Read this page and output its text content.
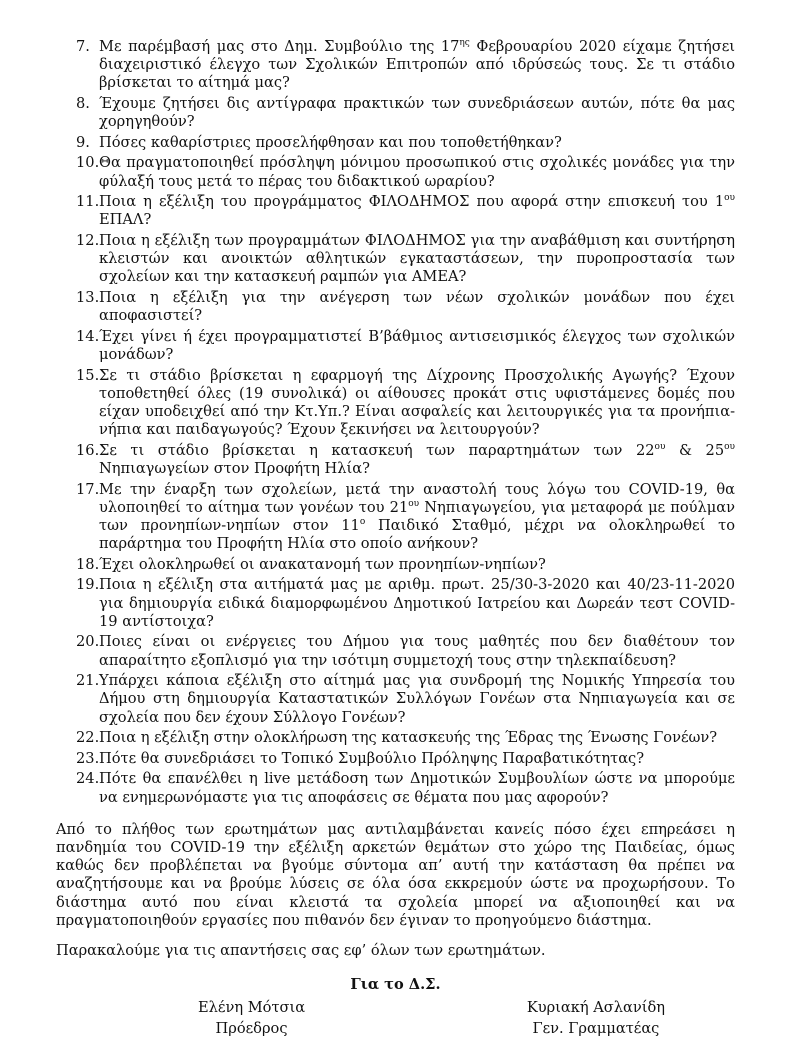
7. Με παρέμβασή μας στο Δημ. Συμβούλιο της $17^{\eta\varsigma}$ Φεβρουαρίου 2020 είχαμε ζητήσει διαχειριστικό έλεγχο των Σχολικών Επιτροπών από ιδρύσεώς τους. Σε τι στάδιο βρίσκεται το αίτημά μας?
8. Έχουμε ζητήσει δις αντίγραφα πρακτικών των συνεδριάσεων αυτών, πότε θα μας χορηγηθούν?
9. Πόσες καθαρίστριες προσελήφθησαν και που τοποθετήθηκαν?
10. Θα πραγματοποιηθεί πρόσληψη μόνιμου προσωπικού στις σχολικές μονάδες για την φύλαξή τους μετά το πέρας του διδακτικού ωραρίου?
11. Ποια η εξέλιξη του προγράμματος ΦΙΛΟΔΗΜΟΣ που αφορά στην επισκευή του $1^{o\upsilon}$ ΕΠΑΛ?
12. Ποια η εξέλιξη των προγραμμάτων ΦΙΛΟΔΗΜΟΣ για την αναβάθμιση και συντήρηση κλειστών και ανοικτών αθλητικών εγκαταστάσεων, την πυροπροστασία των σχολείων και την κατασκευή ραμπών για ΑΜΕΑ?
13. Ποια η εξέλιξη για την ανέγερση των νέων σχολικών μονάδων που έχει αποφασιστεί?
14. Έχει γίνει ή έχει προγραμματιστεί Β’βάθμιος αντισεισμικός έλεγχος των σχολικών μονάδων?
15. Σε τι στάδιο βρίσκεται η εφαρμογή της Δίχρονης Προσχολικής Αγωγής? Έχουν τοποθετηθεί όλες (19 συνολικά) οι αίθουσες προκάτ στις υφιστάμενες δομές που είχαν υποδειχθεί από την Κτ.Υπ.? Είναι ασφαλείς και λειτουργικές για τα προνήπια-νήπια και παιδαγωγούς? Έχουν ξεκινήσει να λειτουργούν?
16. Σε τι στάδιο βρίσκεται η κατασκευή των παραρτημάτων των $22^{o\upsilon}$ & $25^{o\upsilon}$ Νηπιαγωγείων στον Προφήτη Ηλία?
17. Με την έναρξη των σχολείων, μετά την αναστολή τους λόγω του COVID-19, θα υλοποιηθεί το αίτημα των γονέων του $21^{o\upsilon}$ Νηπιαγωγείου, για μεταφορά με πούλμαν των προνηπίων-νηπίων στον $11^o$ Παιδικό Σταθμό, μέχρι να ολοκληρωθεί το παράρτημα του Προφήτη Ηλία στο οποίο ανήκουν?
18. Έχει ολοκληρωθεί οι ανακατανομή των προνηπίων-νηπίων?
19. Ποια η εξέλιξη στα αιτήματά μας με αριθμ. πρωτ. 25/30-3-2020 και 40/23-11-2020 για δημιουργία ειδικά διαμορφωμένου Δημοτικού Ιατρείου και Δωρεάν τεστ COVID-19 αντίστοιχα?
20. Ποιες είναι οι ενέργειες του Δήμου για τους μαθητές που δεν διαθέτουν τον απαραίτητο εξοπλισμό για την ισότιμη συμμετοχή τους στην τηλεκπαίδευση?
21. Υπάρχει κάποια εξέλιξη στο αίτημά μας για συνδρομή της Νομικής Υπηρεσία του Δήμου στη δημιουργία Καταστατικών Συλλόγων Γονέων στα Νηπιαγωγεία και σε σχολεία που δεν έχουν Σύλλογο Γονέων?
22. Ποια η εξέλιξη στην ολοκλήρωση της κατασκευής της Έδρας της Ένωσης Γονέων?
23. Πότε θα συνεδριάσει το Τοπικό Συμβούλιο Πρόληψης Παραβατικότητας?
24. Πότε θα επανέλθει η live μετάδοση των Δημοτικών Συμβουλίων ώστε να μπορούμε να ενημερωνόμαστε για τις αποφάσεις σε θέματα που μας αφορούν?

Από το πλήθος των ερωτημάτων μας αντιλαμβάνεται κανείς πόσο έχει επηρεάσει η πανδημία του COVID-19 την εξέλιξη αρκετών θεμάτων στο χώρο της Παιδείας, όμως καθώς δεν προβλέπεται να βγούμε σύντομα απ’ αυτή την κατάσταση θα πρέπει να αναζητήσουμε και να βρούμε λύσεις σε όλα όσα εκκρεμούν ώστε να προχωρήσουν. Το διάστημα αυτό που είναι κλειστά τα σχολεία μπορεί να αξιοποιηθεί και να πραγματοποιηθούν εργασίες που πιθανόν δεν έγιναν το προηγούμενο διάστημα.

Παρακαλούμε για τις απαντήσεις σας εφ’ όλων των ερωτημάτων.

Για το Δ.Σ.
Ελένη Μότσια
Πρόεδρος
Κυριακή Ασλανίδη
Γεν. Γραμματέας
